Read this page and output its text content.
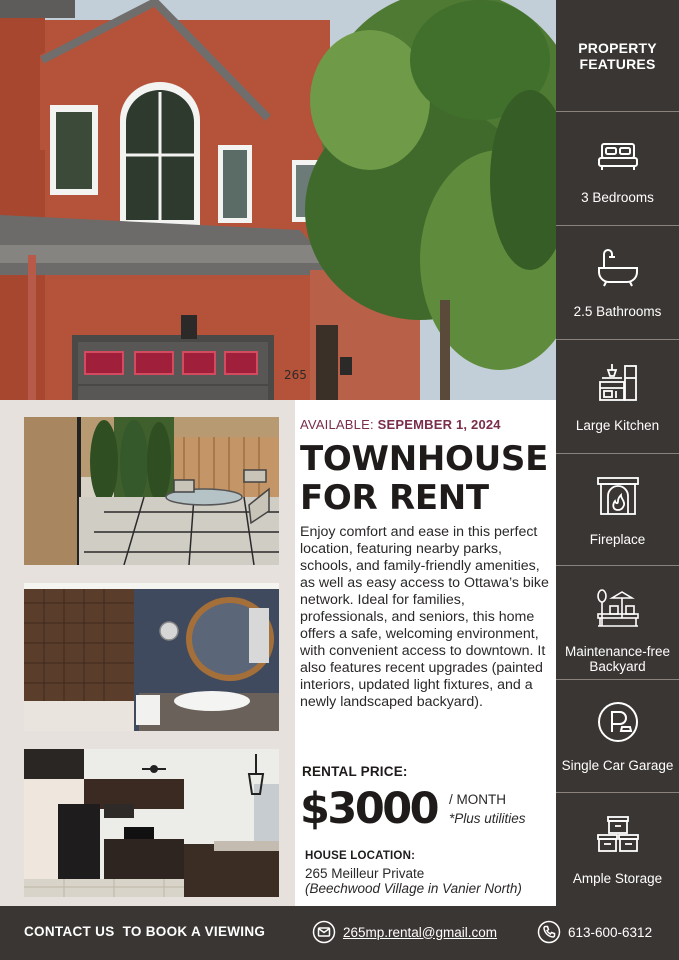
265
PROPERTY FEATURES
3 Bedrooms
2.5 Bathrooms
Large Kitchen
Fireplace
Maintenance-free Backyard
Single Car Garage
Ample Storage
AVAILABLE: SEPEMBER 1, 2024
TOWNHOUSE FOR RENT

Enjoy comfort and ease in this perfect location, featuring nearby parks, schools, and family-friendly amenities, as well as easy access to Ottawa’s bike network. Ideal for families, professionals, and seniors, this home offers a safe, welcoming environment, with convenient access to downtown. It also features recent upgrades (painted interiors, updated light fixtures, and a newly landscaped backyard).

RENTAL PRICE:
$3000 / MONTH
*Plus utilities
HOUSE LOCATION:
265 Meilleur Private
(Beechwood Village in Vanier North)
CONTACT US  TO BOOK A VIEWING	265mp.rental@gmail.com	613-600-6312
